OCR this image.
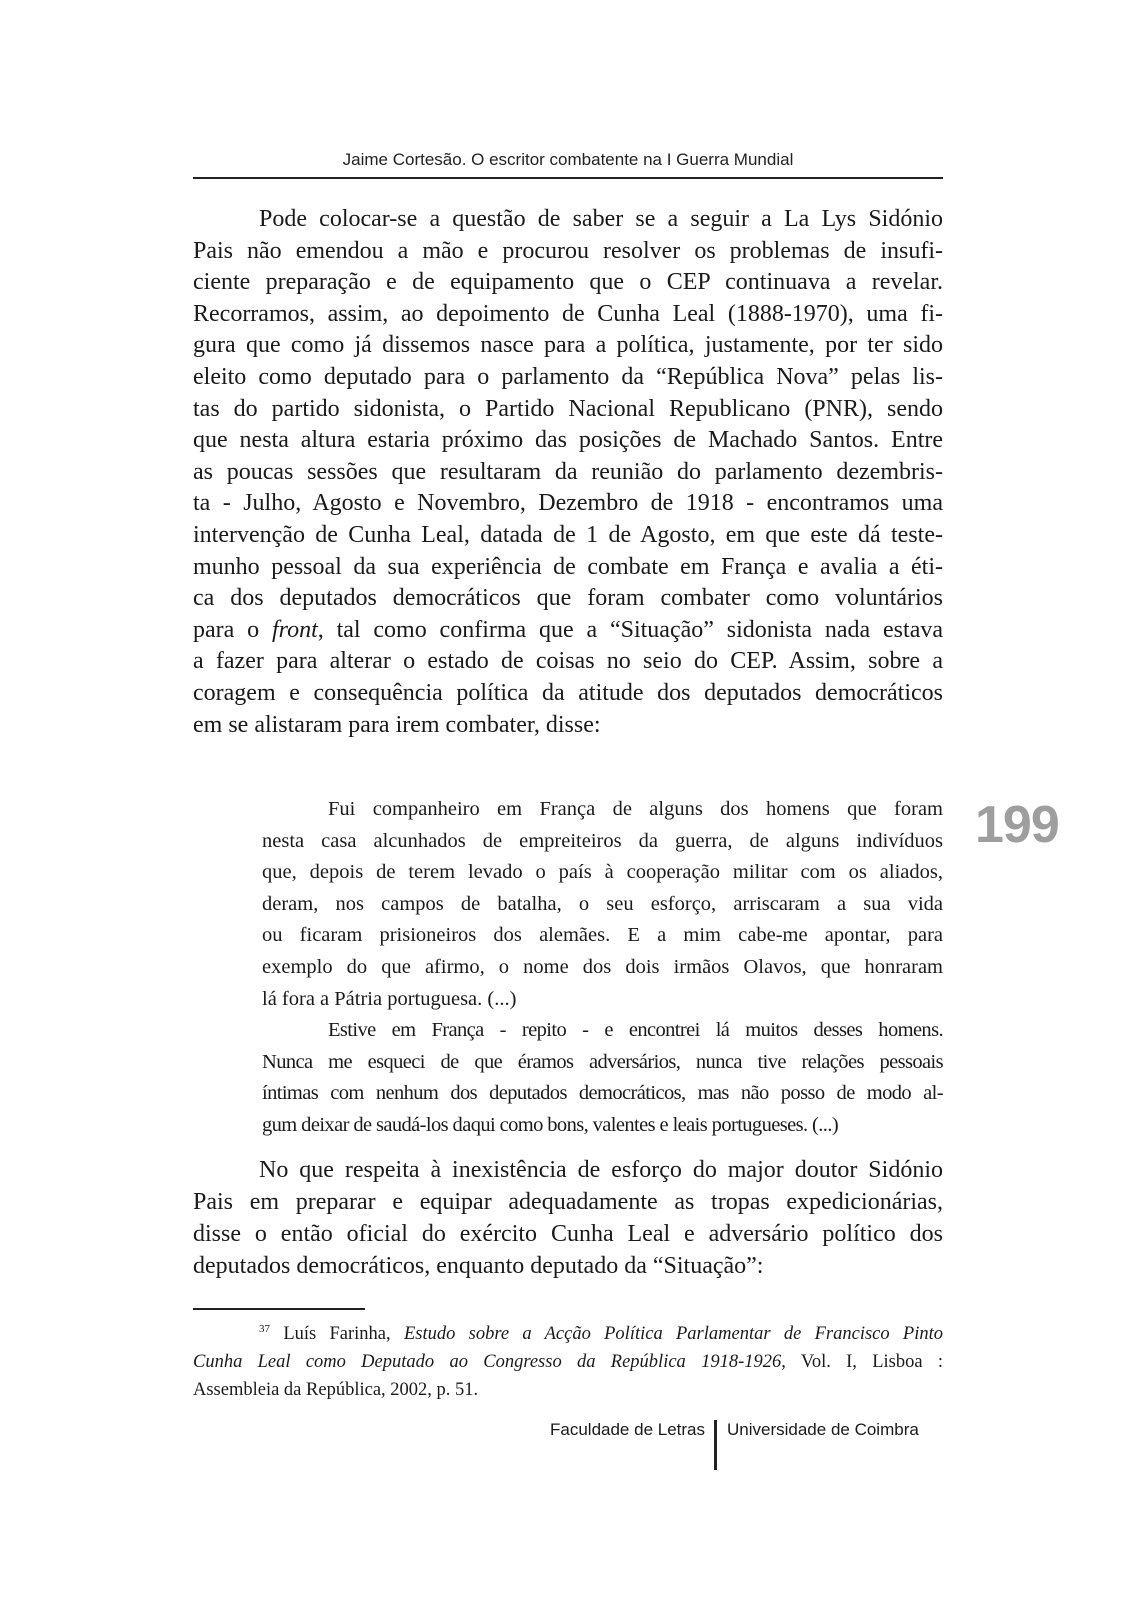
Jaime Cortesão. O escritor combatente na I Guerra Mundial
Pode colocar-se a questão de saber se a seguir a La Lys Sidónio
Pais não emendou a mão e procurou resolver os problemas de insufi-
ciente preparação e de equipamento que o CEP continuava a revelar.
Recorramos, assim, ao depoimento de Cunha Leal (1888-1970), uma fi-
gura que como já dissemos nasce para a política, justamente, por ter sido
eleito como deputado para o parlamento da “República Nova” pelas lis-
tas do partido sidonista, o Partido Nacional Republicano (PNR), sendo
que nesta altura estaria próximo das posições de Machado Santos. Entre
as poucas sessões que resultaram da reunião do parlamento dezembris-
ta - Julho, Agosto e Novembro, Dezembro de 1918 - encontramos uma
intervenção de Cunha Leal, datada de 1 de Agosto, em que este dá teste-
munho pessoal da sua experiência de combate em França e avalia a éti-
ca dos deputados democráticos que foram combater como voluntários
para o front, tal como confirma que a “Situação” sidonista nada estava
a fazer para alterar o estado de coisas no seio do CEP. Assim, sobre a
coragem e consequência política da atitude dos deputados democráticos
em se alistaram para irem combater, disse:
Fui companheiro em França de alguns dos homens que foram
nesta casa alcunhados de empreiteiros da guerra, de alguns indivíduos
que, depois de terem levado o país à cooperação militar com os aliados,
deram, nos campos de batalha, o seu esforço, arriscaram a sua vida
ou ficaram prisioneiros dos alemães. E a mim cabe-me apontar, para
exemplo do que afirmo, o nome dos dois irmãos Olavos, que honraram
lá fora a Pátria portuguesa. (...)
Estive em França - repito - e encontrei lá muitos desses homens.
Nunca me esqueci de que éramos adversários, nunca tive relações pessoais
íntimas com nenhum dos deputados democráticos, mas não posso de modo al-
gum deixar de saudá-los daqui como bons, valentes e leais portugueses. (...)
199
No que respeita à inexistência de esforço do major doutor Sidónio
Pais em preparar e equipar adequadamente as tropas expedicionárias,
disse o então oficial do exército Cunha Leal e adversário político dos
deputados democráticos, enquanto deputado da “Situação”:
$^{37}$ Luís Farinha, Estudo sobre a Acção Política Parlamentar de Francisco Pinto
Cunha Leal como Deputado ao Congresso da República 1918-1926, Vol. I, Lisboa :
Assembleia da República, 2002, p. 51.
Faculdade de Letras Universidade de Coimbra
